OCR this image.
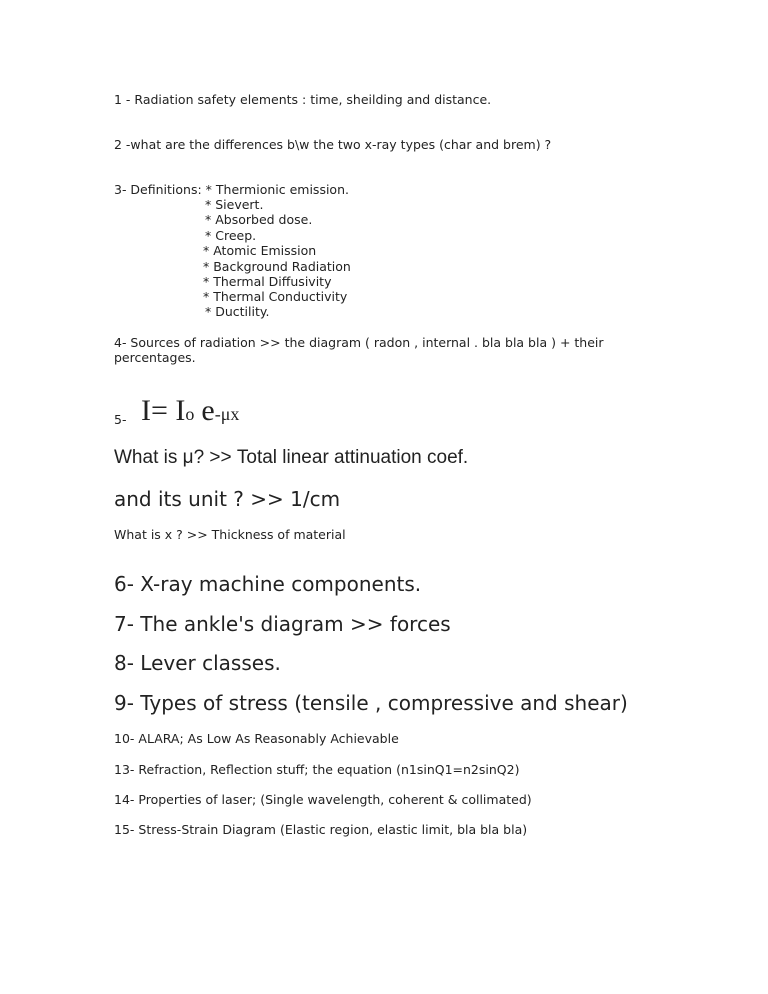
1 - Radiation safety elements : time, sheilding and distance.
2 -what are the differences b\w the two x-ray types (char and brem) ?
3- Definitions: * Thermionic emission.
* Sievert.
* Absorbed dose.
* Creep.
* Atomic Emission
* Background Radiation
* Thermal Diffusivity
* Thermal Conductivity
* Ductility.
4- Sources of radiation >> the diagram ( radon , internal . bla bla bla ) + their
percentages.
5- I= Io e-μx
What is μ? >> Total linear attinuation coef.
and its unit ? >> 1/cm
What is x ? >> Thickness of material
6- X-ray machine components.
7- The ankle's diagram >> forces
8- Lever classes.
9- Types of stress (tensile , compressive and shear)
10- ALARA; As Low As Reasonably Achievable
13- Refraction, Reflection stuff; the equation (n1sinQ1=n2sinQ2)
14- Properties of laser; (Single wavelength, coherent & collimated)
15- Stress-Strain Diagram (Elastic region, elastic limit, bla bla bla)
